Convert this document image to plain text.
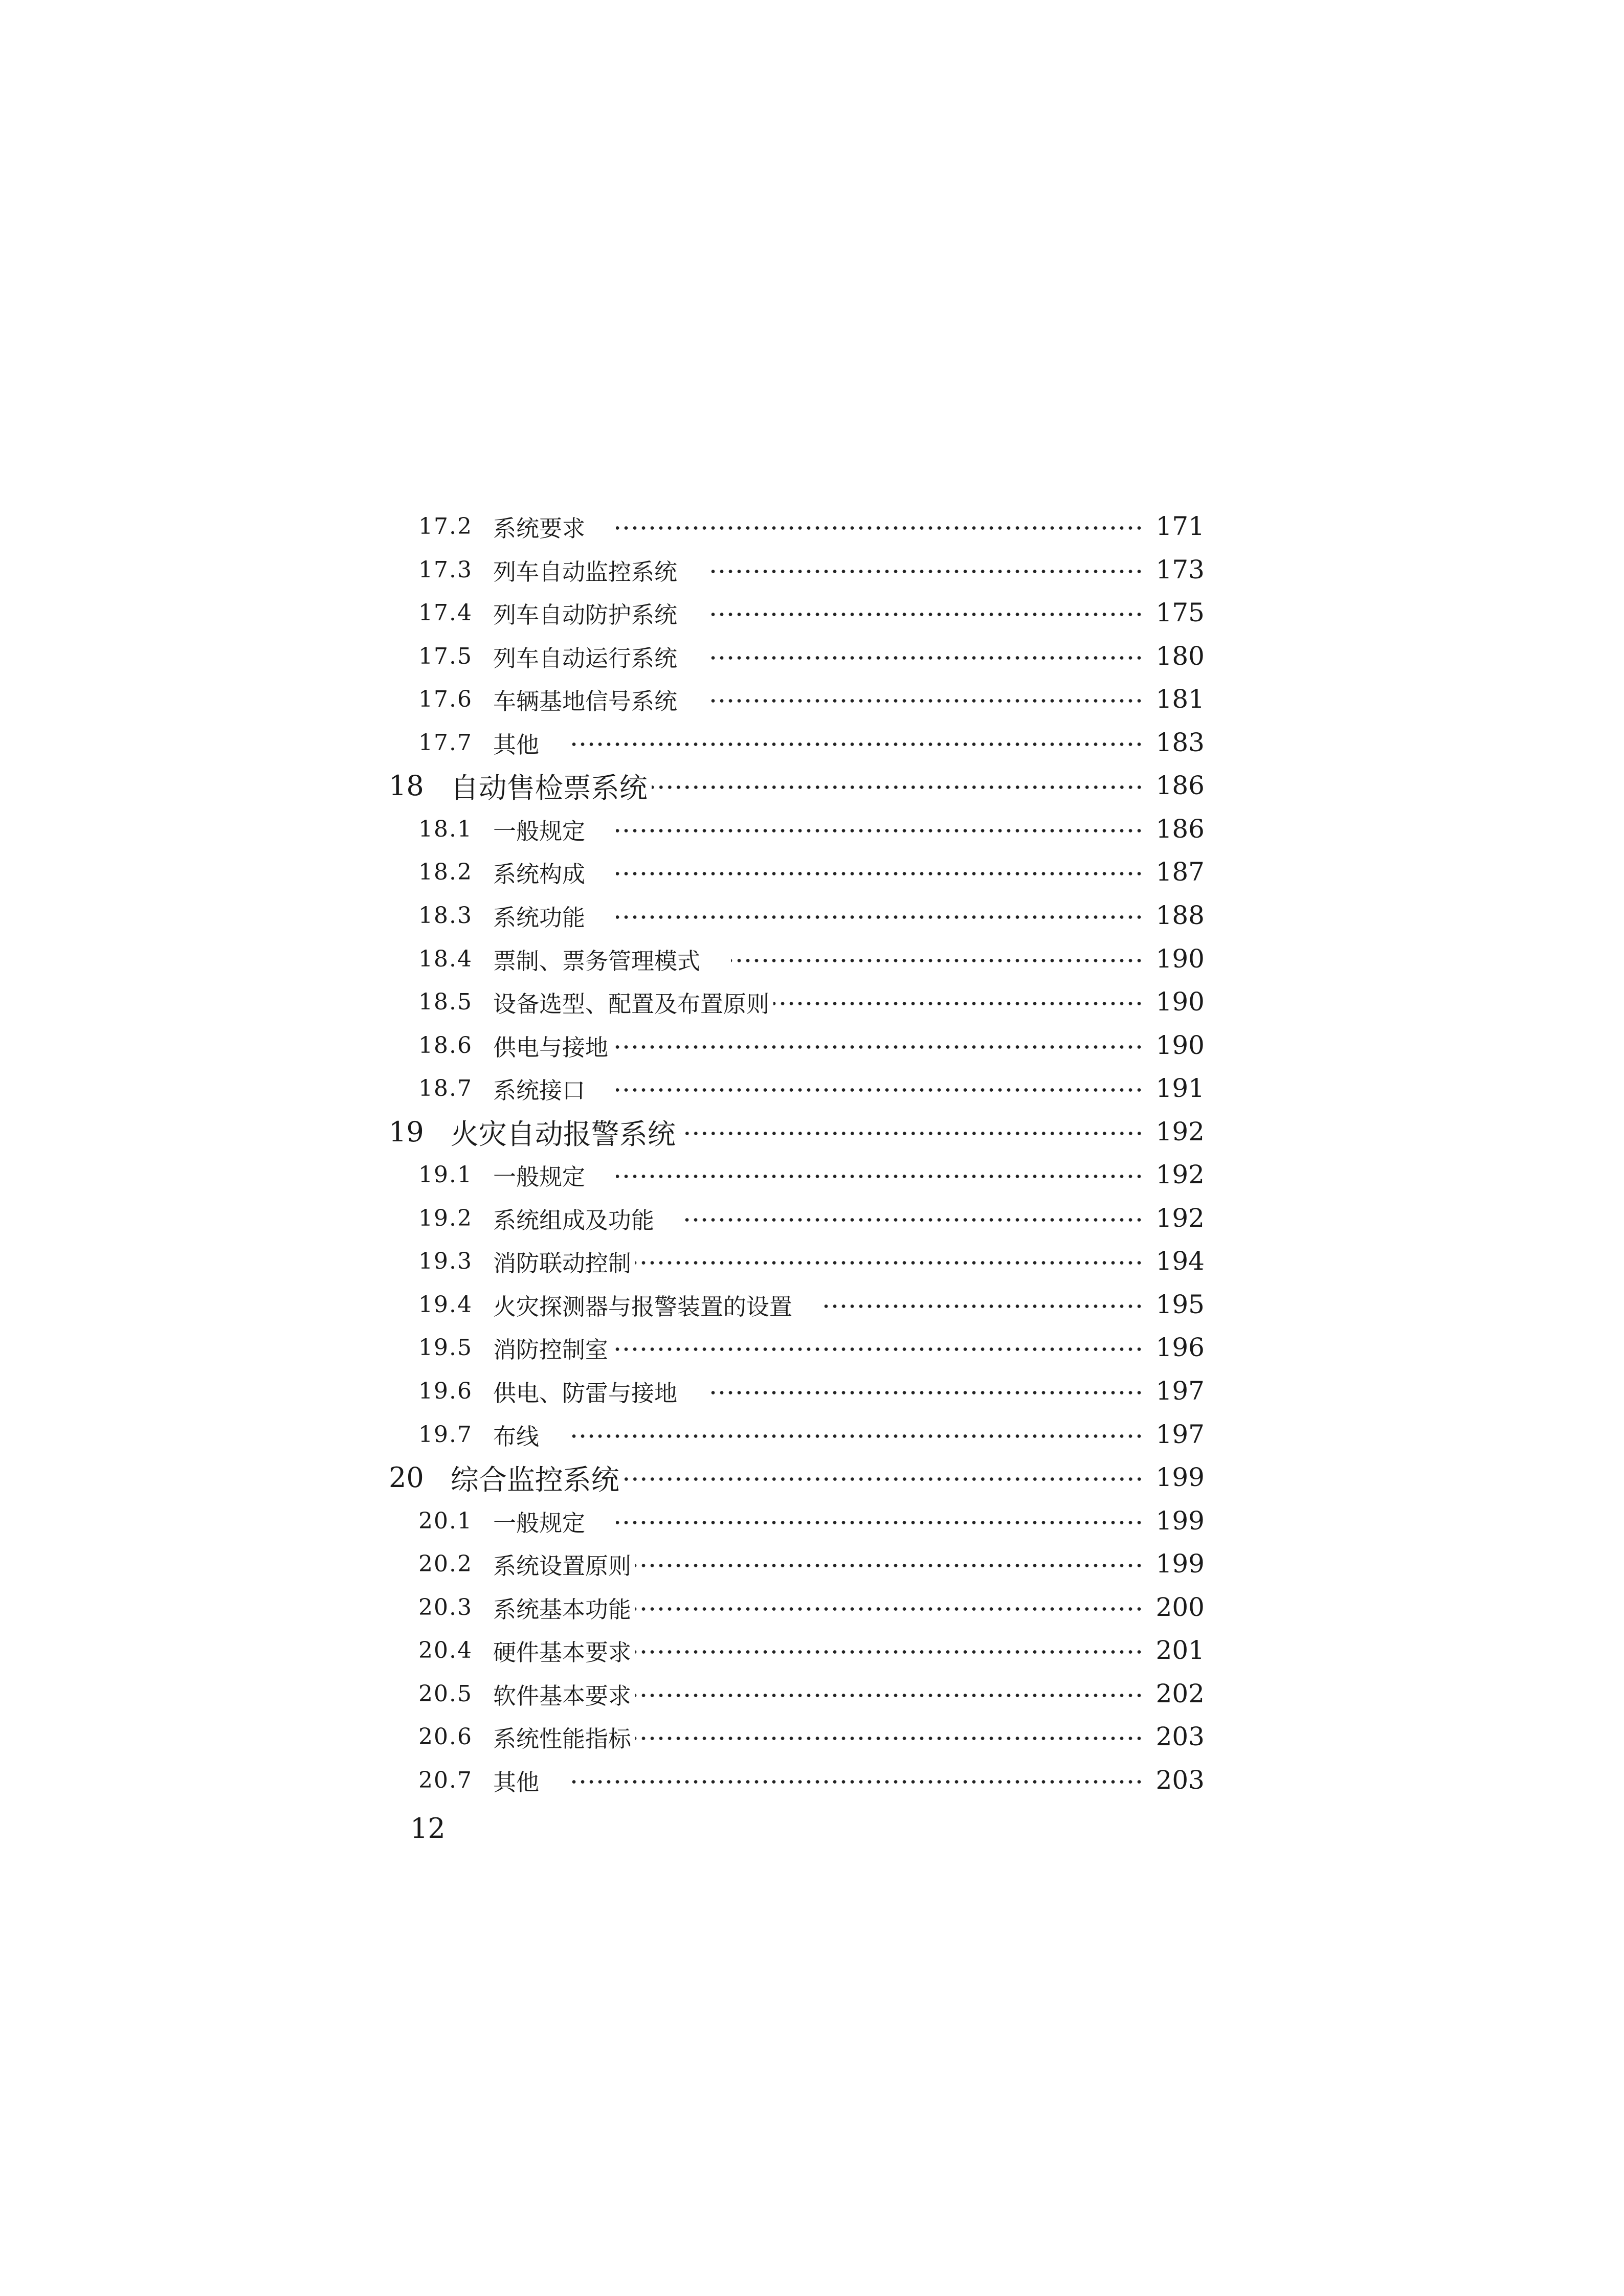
17.2 系统要求	171
17.3 列车自动监控系统	173
17.4 列车自动防护系统	175
17.5 列车自动运行系统	180
17.6 车辆基地信号系统	181
17.7 其他	183
18 自动售检票系统	186
18.1 一般规定	186
18.2 系统构成	187
18.3 系统功能	188
18.4 票制、票务管理模式	190
18.5 设备选型、配置及布置原则	190
18.6 供电与接地	190
18.7 系统接口	191
19 火灾自动报警系统	192
19.1 一般规定	192
19.2 系统组成及功能	192
19.3 消防联动控制	194
19.4 火灾探测器与报警装置的设置	195
19.5 消防控制室	196
19.6 供电、防雷与接地	197
19.7 布线	197
20 综合监控系统	199
20.1 一般规定	199
20.2 系统设置原则	199
20.3 系统基本功能	200
20.4 硬件基本要求	201
20.5 软件基本要求	202
20.6 系统性能指标	203
20.7 其他	203
12
